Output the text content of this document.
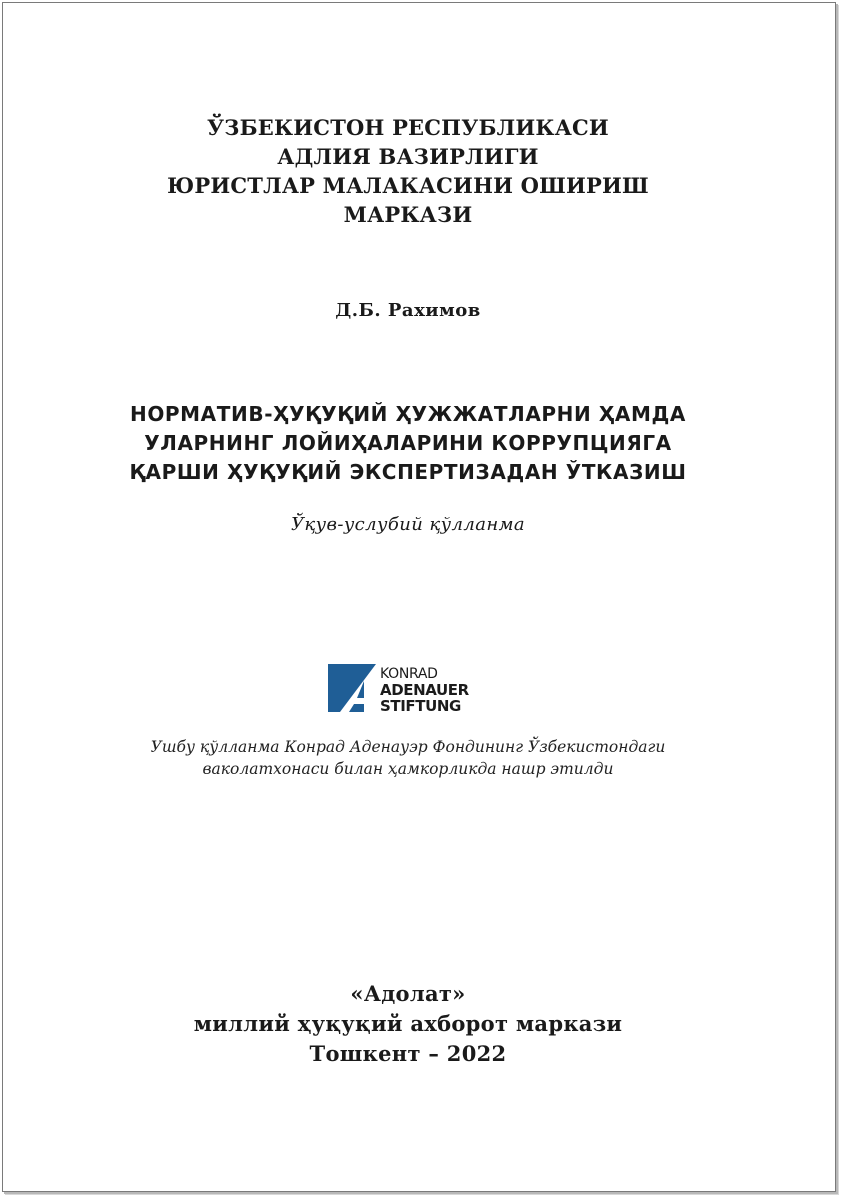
ЎЗБЕКИСТОН РЕСПУБЛИКАСИ
АДЛИЯ ВАЗИРЛИГИ
ЮРИСТЛАР МАЛАКАСИНИ ОШИРИШ
МАРКАЗИ
Д.Б. Рахимов
НОРМАТИВ-ҲУҚУҚИЙ ҲУЖЖАТЛАРНИ ҲАМДА
УЛАРНИНГ ЛОЙИҲАЛАРИНИ КОРРУПЦИЯГА
ҚАРШИ ҲУҚУҚИЙ ЭКСПЕРТИЗАДАН ЎТКАЗИШ
Ўқув-услубий қўлланма
KONRAD
ADENAUER
STIFTUNG
Ушбу қўлланма Конрад Аденауэр Фондининг Ўзбекистондаги
ваколатхонаси билан ҳамкорликда нашр этилди
«Адолат»
миллий ҳуқуқий ахборот маркази
Тошкент – 2022
